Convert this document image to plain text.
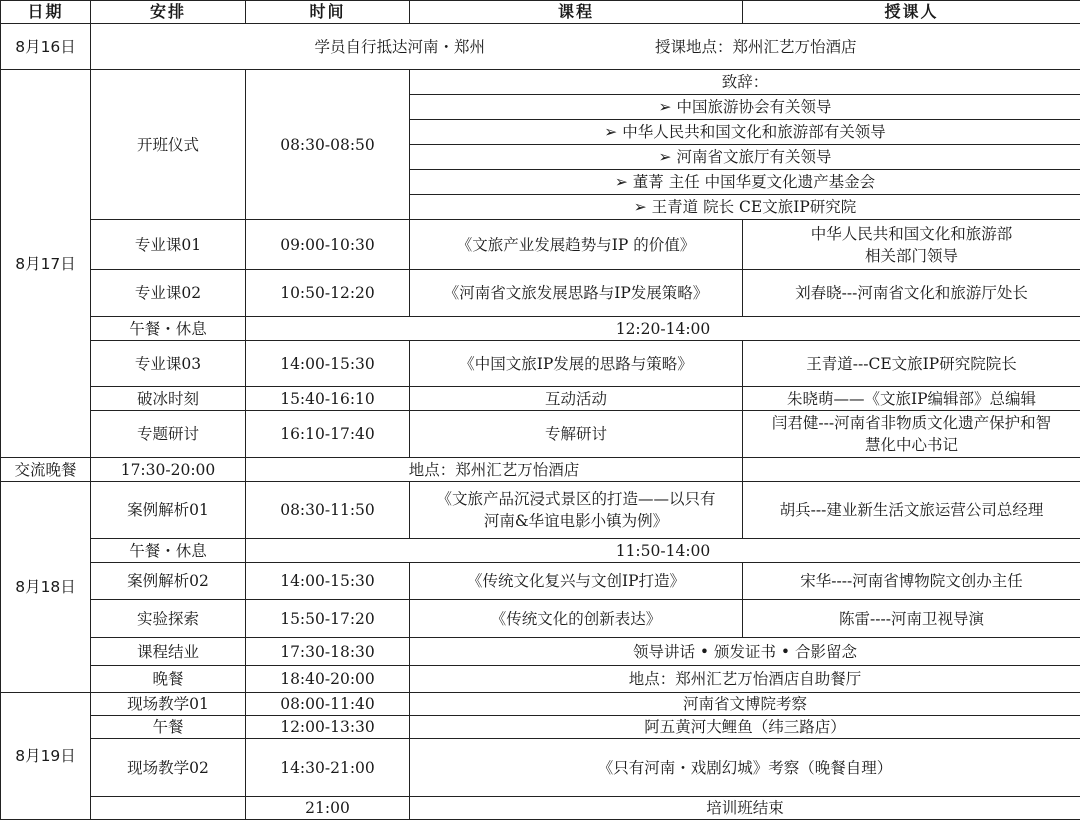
日期	安排	时间	课程	授课人
8月16日	学员自行抵达河南・郑州 授课地点：郑州汇艺万怡酒店			
8月17日	开班仪式	08:30-08:50	致辞：	
			➢ 中国旅游协会有关领导	
			➢ 中华人民共和国文化和旅游部有关领导	
			➢ 河南省文旅厅有关领导	
			➢ 董菁 主任 中国华夏文化遗产基金会	
			➢ 王青道 院长 CE文旅IP研究院	
	专业课01	09:00-10:30	《文旅产业发展趋势与IP 的价值》	中华人民共和国文化和旅游部
相关部门领导

	专业课02	10:50-12:20	《河南省文旅发展思路与IP发展策略》	刘春晓---河南省文化和旅游厅处长
	午餐・休息	12:20-14:00		
	专业课03	14:00-15:30	《中国文旅IP发展的思路与策略》	王青道---CE文旅IP研究院院长
	破冰时刻	15:40-16:10	互动活动	朱晓萌——《文旅IP编辑部》总编辑
	专题研讨	16:10-17:40	专解研讨	闫君健---河南省非物质文化遗产保护和智
慧化中心书记

交流晚餐	17:30-20:00	地点：郑州汇艺万怡酒店		
8月18日	案例解析01	08:30-11:50	《文旅产品沉浸式景区的打造——以只有
河南&华谊电影小镇为例》	胡兵---建业新生活文旅运营公司总经理
	午餐・休息	11:50-14:00		
	案例解析02	14:00-15:30	《传统文化复兴与文创IP打造》	宋华----河南省博物院文创办主任
	实验探索	15:50-17:20	《传统文化的创新表达》	陈雷----河南卫视导演
	课程结业	17:30-18:30	领导讲话 • 颁发证书 • 合影留念	
	晚餐	18:40-20:00	地点：郑州汇艺万怡酒店自助餐厅	
8月19日	现场教学01	08:00-11:40	河南省文博院考察	
	午餐	12:00-13:30	阿五黄河大鲤鱼（纬三路店）	
	现场教学02	14:30-21:00	《只有河南・戏剧幻城》考察（晚餐自理）	
		21:00	培训班结束	
